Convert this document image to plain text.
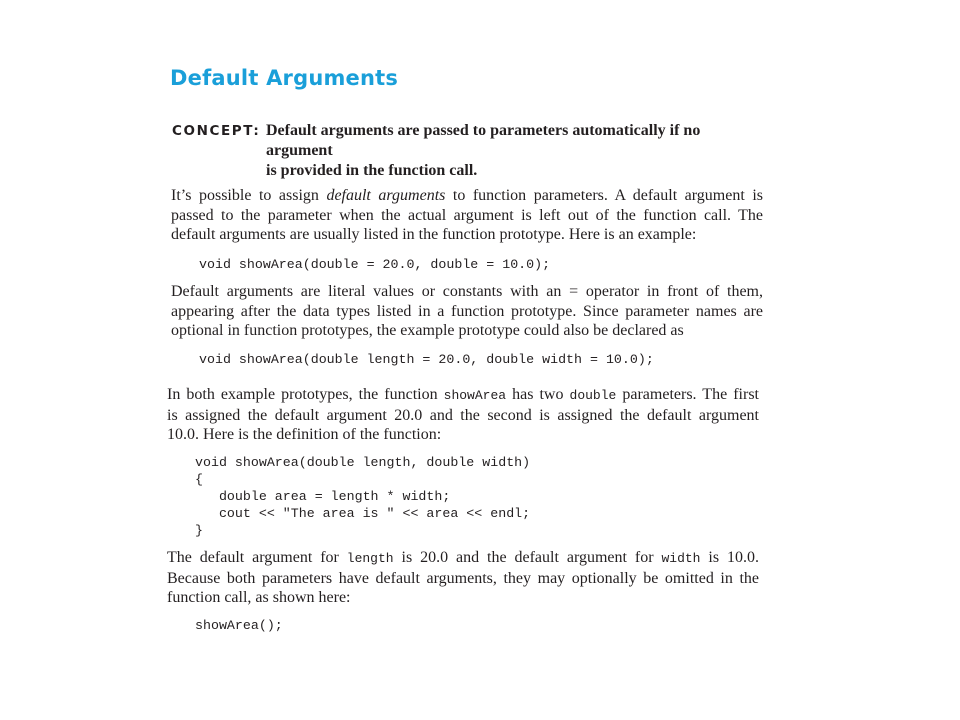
Default Arguments
CONCEPT: Default arguments are passed to parameters automatically if no argument
is provided in the function call.
It’s possible to assign default arguments to function parameters. A default argument is
passed to the parameter when the actual argument is left out of the function call. The
default arguments are usually listed in the function prototype. Here is an example:
void showArea(double = 20.0, double = 10.0);
Default arguments are literal values or constants with an = operator in front of them,
appearing after the data types listed in a function prototype. Since parameter names are
optional in function prototypes, the example prototype could also be declared as
void showArea(double length = 20.0, double width = 10.0);
In both example prototypes, the function showArea has two double parameters. The first
is assigned the default argument 20.0 and the second is assigned the default argument
10.0. Here is the definition of the function:
void showArea(double length, double width)
{
double area = length * width;
cout << "The area is " << area << endl;
}
The default argument for length is 20.0 and the default argument for width is 10.0.
Because both parameters have default arguments, they may optionally be omitted in the
function call, as shown here:
showArea();
